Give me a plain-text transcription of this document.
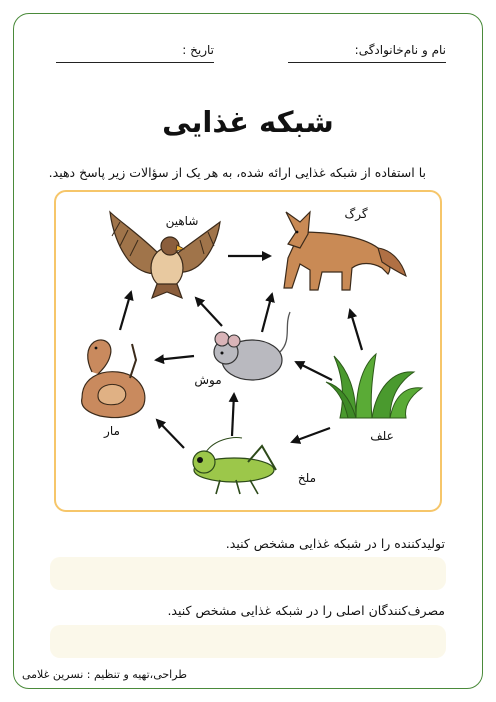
نام و نام‌خانوادگی:
تاریخ :
شبکه غذایی
با استفاده از شبکه غذایی ارائه شده، به هر یک از سؤالات زیر پاسخ دهید.
شاهین	گرگ
موش
مار	علف
ملخ
تولیدکننده را در شبکه غذایی مشخص کنید.
مصرف‌کنندگان اصلی را در شبکه غذایی مشخص کنید.
طراحی،تهیه و تنظیم : نسرین غلامی
